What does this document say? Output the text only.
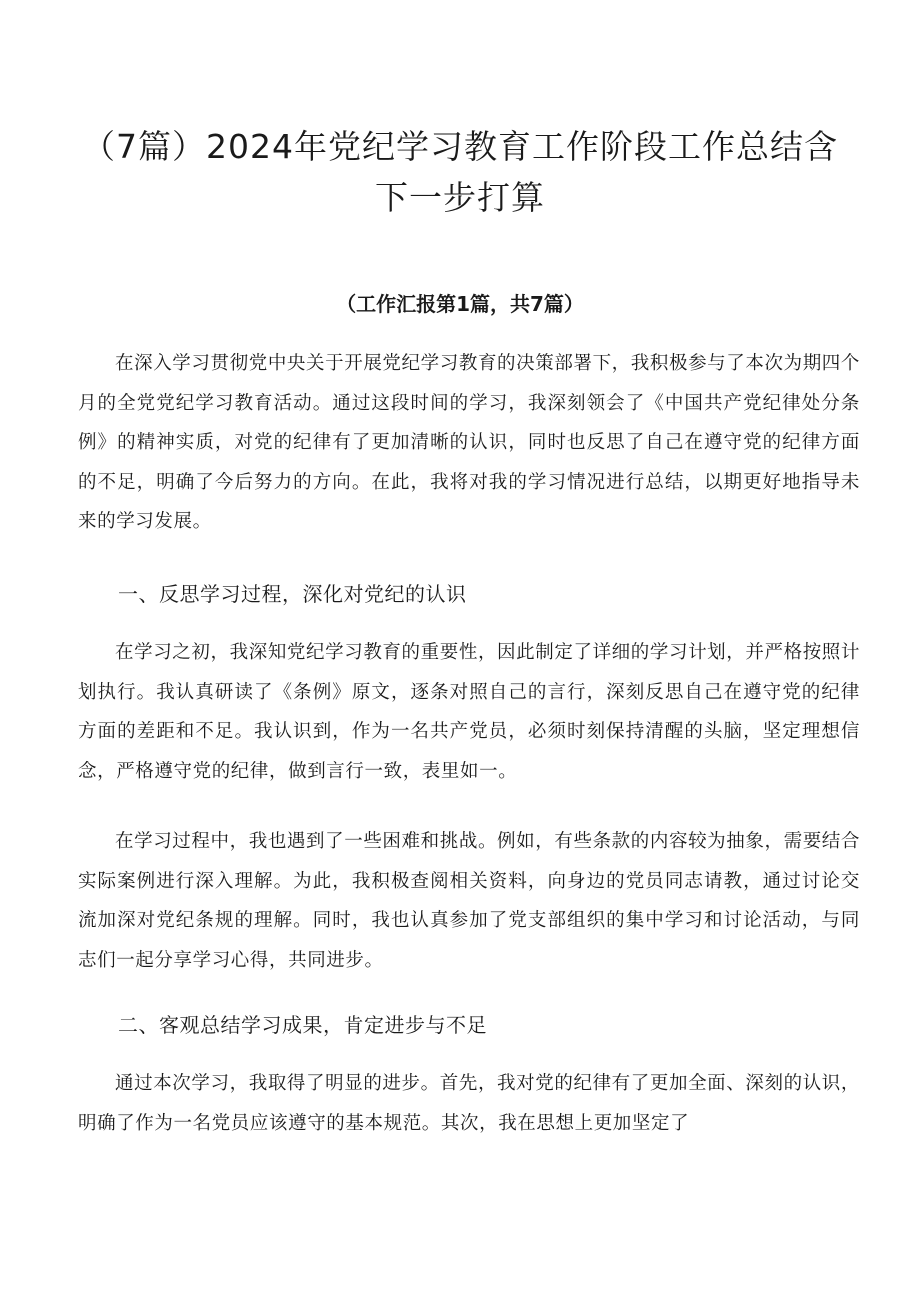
（7篇）2024年党纪学习教育工作阶段工作总结含
下一步打算
（工作汇报第1篇，共7篇）

在深入学习贯彻党中央关于开展党纪学习教育的决策部署下，我积极参与了本次为期四个月的全党党纪学习教育活动。通过这段时间的学习，我深刻领会了《中国共产党纪律处分条例》的精神实质，对党的纪律有了更加清晰的认识，同时也反思了自己在遵守党的纪律方面的不足，明确了今后努力的方向。在此，我将对我的学习情况进行总结，以期更好地指导未来的学习发展。

一、反思学习过程，深化对党纪的认识

在学习之初，我深知党纪学习教育的重要性，因此制定了详细的学习计划，并严格按照计划执行。我认真研读了《条例》原文，逐条对照自己的言行，深刻反思自己在遵守党的纪律方面的差距和不足。我认识到，作为一名共产党员，必须时刻保持清醒的头脑，坚定理想信念，严格遵守党的纪律，做到言行一致，表里如一。

在学习过程中，我也遇到了一些困难和挑战。例如，有些条款的内容较为抽象，需要结合实际案例进行深入理解。为此，我积极查阅相关资料，向身边的党员同志请教，通过讨论交流加深对党纪条规的理解。同时，我也认真参加了党支部组织的集中学习和讨论活动，与同志们一起分享学习心得，共同进步。

二、客观总结学习成果，肯定进步与不足

通过本次学习，我取得了明显的进步。首先，我对党的纪律有了更加全面、深刻的认识，明确了作为一名党员应该遵守的基本规范。其次，我在思想上更加坚定了
